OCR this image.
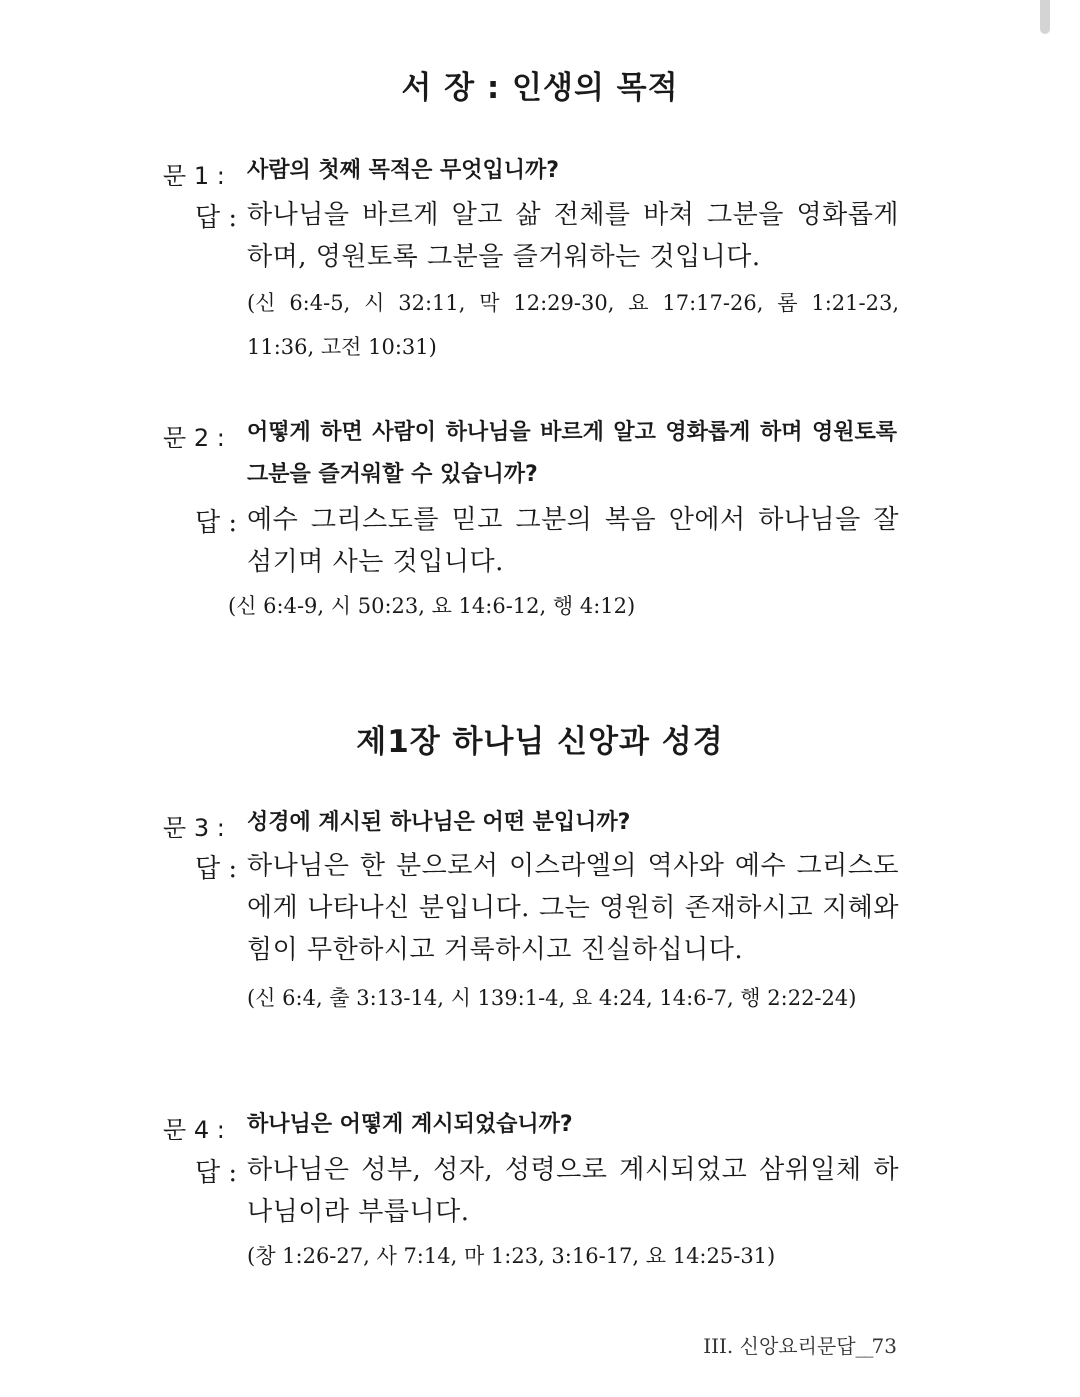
서 장 : 인생의 목적
문 1 : 사람의 첫째 목적은 무엇입니까?

답 : 하나님을 바르게 알고 삶 전체를 바쳐 그분을 영화롭게 하며, 영원토록 그분을 즐거워하는 것입니다.

(신 6:4-5, 시 32:11, 막 12:29-30, 요 17:17-26, 롬 1:21-23, 11:36, 고전 10:31)

문 2 : 어떻게 하면 사람이 하나님을 바르게 알고 영화롭게 하며 영원토록 그분을 즐거워할 수 있습니까?

답 : 예수 그리스도를 믿고 그분의 복음 안에서 하나님을 잘 섬기며 사는 것입니다.

(신 6:4-9, 시 50:23, 요 14:6-12, 행 4:12)

제1장 하나님 신앙과 성경
문 3 : 성경에 계시된 하나님은 어떤 분입니까?

답 : 하나님은 한 분으로서 이스라엘의 역사와 예수 그리스도에게 나타나신 분입니다. 그는 영원히 존재하시고 지혜와 힘이 무한하시고 거룩하시고 진실하십니다.

(신 6:4, 출 3:13-14, 시 139:1-4, 요 4:24, 14:6-7, 행 2:22-24)

문 4 : 하나님은 어떻게 계시되었습니까?

답 : 하나님은 성부, 성자, 성령으로 계시되었고 삼위일체 하나님이라 부릅니다.

(창 1:26-27, 사 7:14, 마 1:23, 3:16-17, 요 14:25-31)

III. 신앙요리문답__73
